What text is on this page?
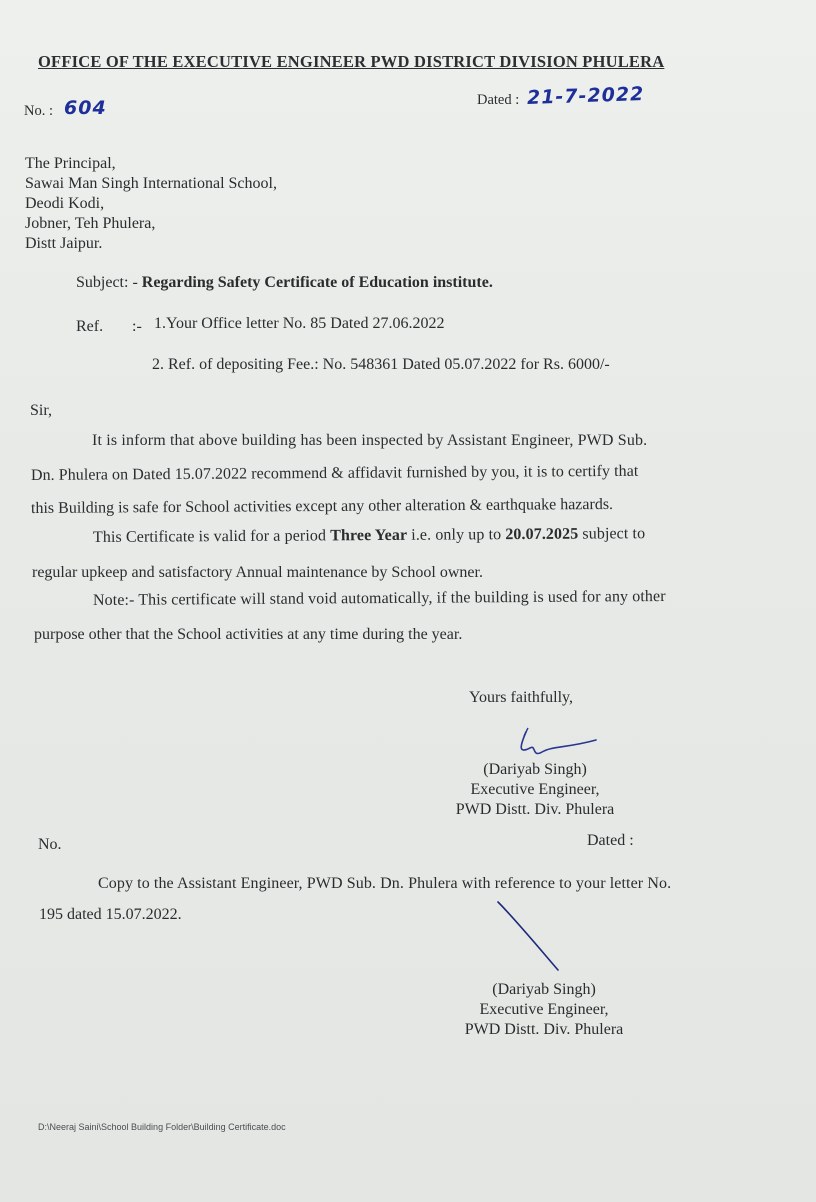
OFFICE OF THE EXECUTIVE ENGINEER PWD DISTRICT DIVISION PHULERA
No. : 604	Dated : 21-7-2022
The Principal,
Sawai Man Singh International School,
Deodi Kodi,
Jobner, Teh Phulera,
Distt Jaipur.
Subject: - Regarding Safety Certificate of Education institute.
Ref. :- 1.Your Office letter No. 85 Dated 27.06.2022
2. Ref. of depositing Fee.: No. 548361 Dated 05.07.2022 for Rs. 6000/-
Sir,
It is inform that above building has been inspected by Assistant Engineer, PWD Sub.
Dn. Phulera on Dated 15.07.2022 recommend & affidavit furnished by you, it is to certify that
this Building is safe for School activities except any other alteration & earthquake hazards.
This Certificate is valid for a period Three Year i.e. only up to 20.07.2025 subject to
regular upkeep and satisfactory Annual maintenance by School owner.
Note:- This certificate will stand void automatically, if the building is used for any other
purpose other that the School activities at any time during the year.
Yours faithfully,
(Dariyab Singh)
Executive Engineer,
PWD Distt. Div. Phulera
No.	Dated :
Copy to the Assistant Engineer, PWD Sub. Dn. Phulera with reference to your letter No.
195 dated 15.07.2022.
(Dariyab Singh)
Executive Engineer,
PWD Distt. Div. Phulera
D:\Neeraj Saini\School Building Folder\Building Certificate.doc
